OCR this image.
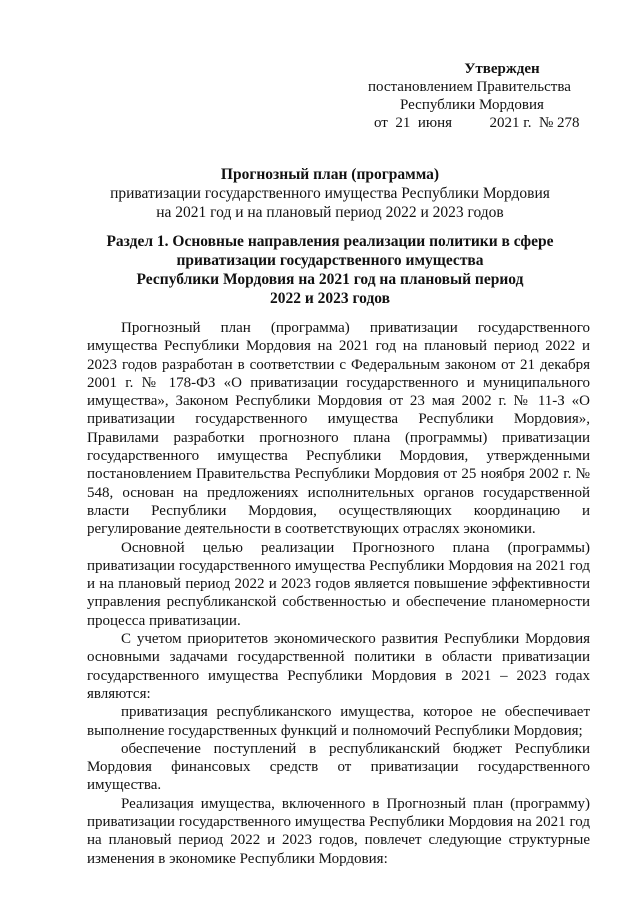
Утвержден
постановлением Правительства
Республики Мордовия
от  21  июня          2021 г.  № 278
Прогнозный план (программа)
приватизации государственного имущества Республики Мордовия
на 2021 год и на плановый период 2022 и 2023 годов
Раздел 1. Основные направления реализации политики в сфере
приватизации государственного имущества
Республики Мордовия на 2021 год на плановый период
2022 и 2023 годов

Прогнозный план (программа) приватизации государственного имущества Республики Мордовия на 2021 год на плановый период 2022 и 2023 годов разработан в соответствии с Федеральным законом от 21 декабря 2001 г. № 178-ФЗ «О приватизации государственного и муниципального имущества», Законом Республики Мордовия от 23 мая 2002 г. № 11-З «О приватизации государственного имущества Республики Мордовия», Правилами разработки прогнозного плана (программы) приватизации государственного имущества Республики Мордовия, утвержденными постановлением Правительства Республики Мордовия от 25 ноября 2002 г. № 548, основан на предложениях исполнительных органов государственной власти Республики Мордовия, осуществляющих координацию и регулирование деятельности в соответствующих отраслях экономики.

Основной целью реализации Прогнозного плана (программы) приватизации государственного имущества Республики Мордовия на 2021 год и на плановый период 2022 и 2023 годов является повышение эффективности управления республиканской собственностью и обеспечение планомерности процесса приватизации.

С учетом приоритетов экономического развития Республики Мордовия основными задачами государственной политики в области приватизации государственного имущества Республики Мордовия в 2021 – 2023 годах являются:

приватизация республиканского имущества, которое не обеспечивает выполнение государственных функций и полномочий Республики Мордовия;

обеспечение поступлений в республиканский бюджет Республики Мордовия финансовых средств от приватизации государственного имущества.

Реализация имущества, включенного в Прогнозный план (программу) приватизации государственного имущества Республики Мордовия на 2021 год на плановый период 2022 и 2023 годов, повлечет следующие структурные изменения в экономике Республики Мордовия:
